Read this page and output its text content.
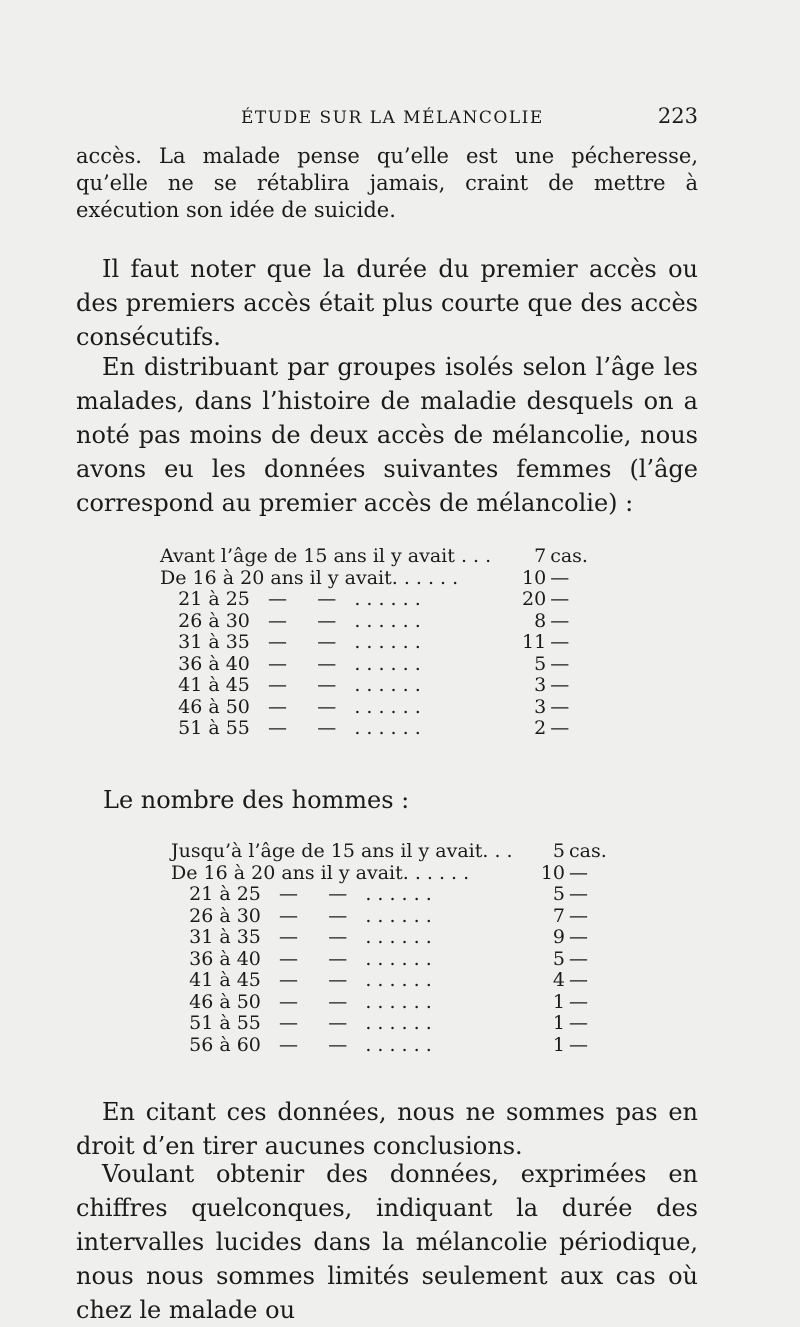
ÉTUDE SUR LA MÉLANCOLIE	223

accès. La malade pense qu’elle est une pécheresse, qu’elle ne se rétablira jamais, craint de mettre à exécution son idée de suicide.

Il faut noter que la durée du premier accès ou des premiers accès était plus courte que des accès consécutifs.

En distribuant par groupes isolés selon l’âge les malades, dans l’histoire de maladie desquels on a noté pas moins de deux accès de mélancolie, nous avons eu les données suivantes femmes (l’âge correspond au premier accès de mélancolie) :

Avant l’âge de 15 ans il y avait . . .	7	cas.
De 16 à 20 ans il y avait. . . . . .	10	—
21 à 25   —     —   . . . . . .	20	—
26 à 30   —     —   . . . . . .	8	—
31 à 35   —     —   . . . . . .	11	—
36 à 40   —     —   . . . . . .	5	—
41 à 45   —     —   . . . . . .	3	—
46 à 50   —     —   . . . . . .	3	—
51 à 55   —     —   . . . . . .	2	—

Le nombre des hommes :

Jusqu’à l’âge de 15 ans il y avait. . .	5	cas.
De 16 à 20 ans il y avait. . . . . .	10	—
21 à 25   —     —   . . . . . .	5	—
26 à 30   —     —   . . . . . .	7	—
31 à 35   —     —   . . . . . .	9	—
36 à 40   —     —   . . . . . .	5	—
41 à 45   —     —   . . . . . .	4	—
46 à 50   —     —   . . . . . .	1	—
51 à 55   —     —   . . . . . .	1	—
56 à 60   —     —   . . . . . .	1	—

En citant ces données, nous ne sommes pas en droit d’en tirer aucunes conclusions.

Voulant obtenir des données, exprimées en chiffres quelconques, indiquant la durée des intervalles lucides dans la mélancolie périodique, nous nous sommes limités seulement aux cas où chez le malade ou
